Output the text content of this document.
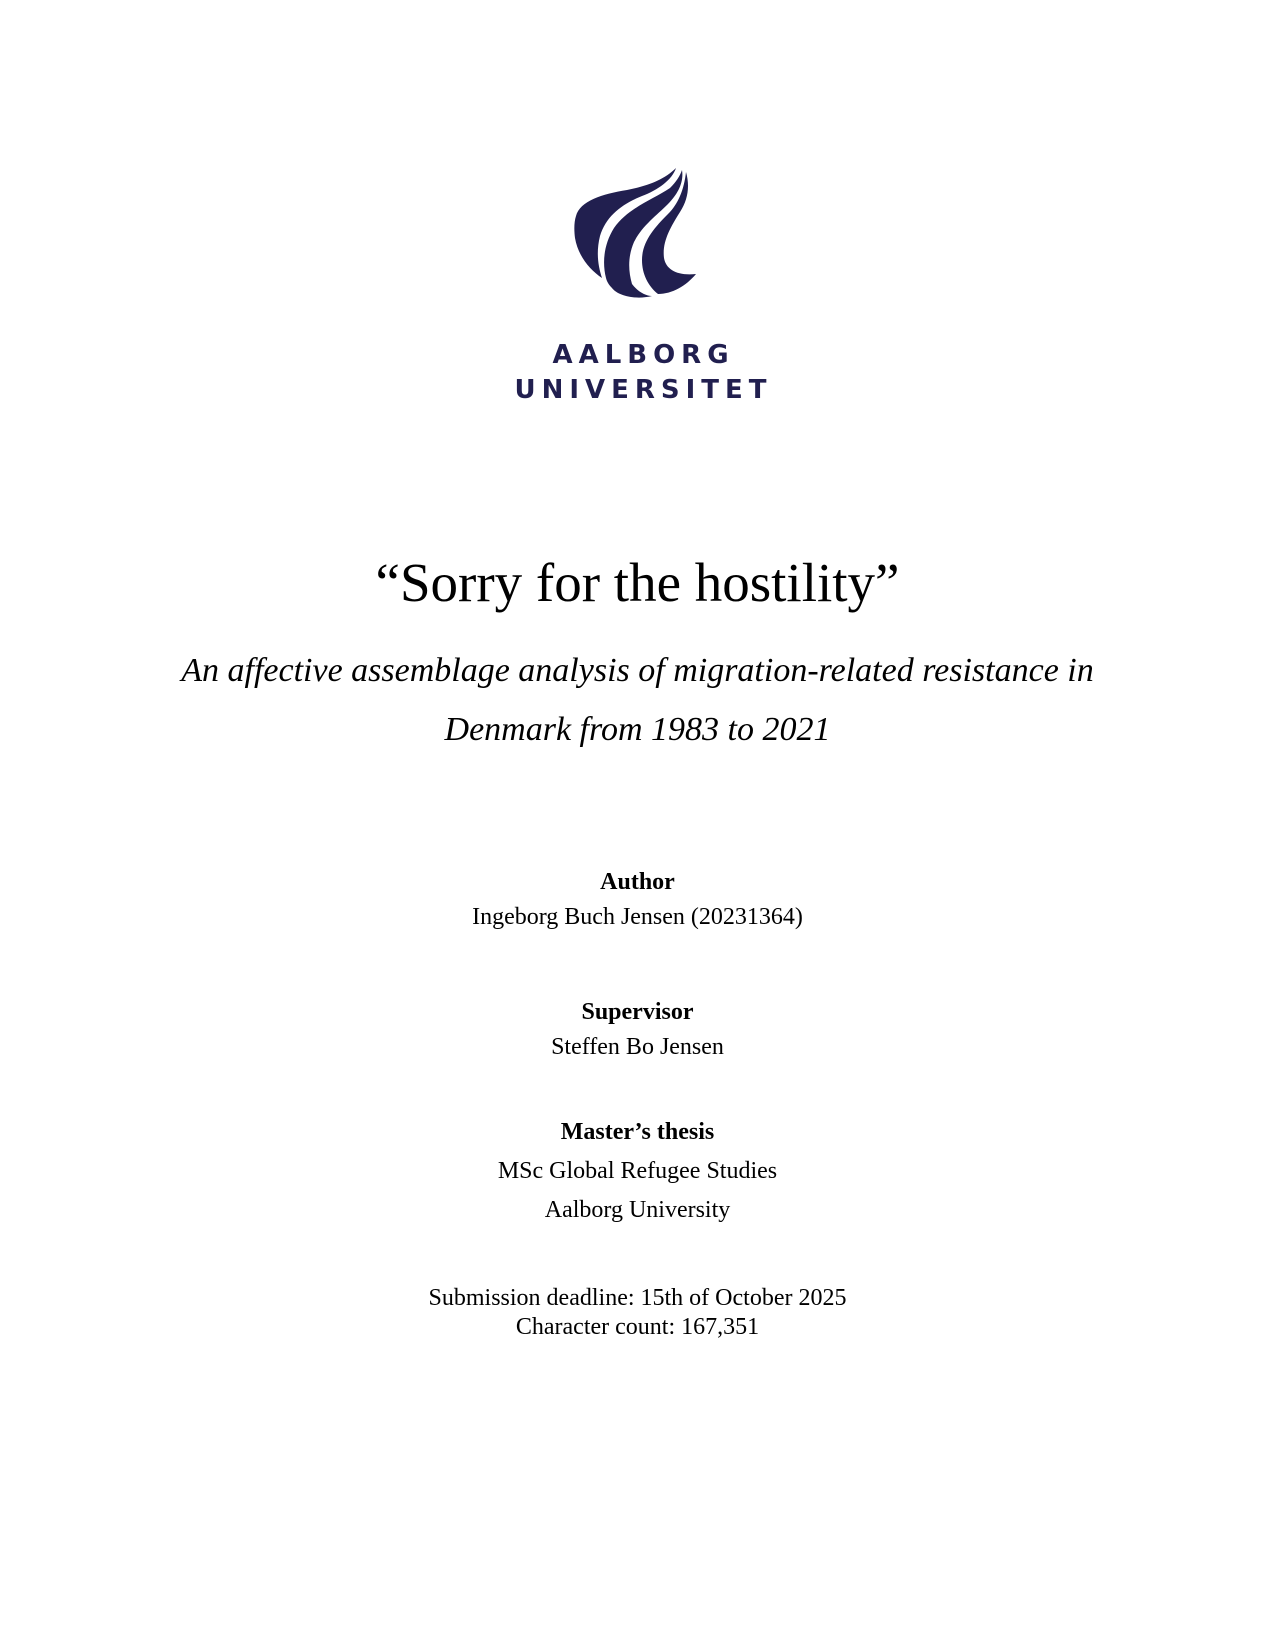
AALBORG
UNIVERSITET
“Sorry for the hostility”
An affective assemblage analysis of migration-related resistance in
Denmark from 1983 to 2021
Author
Ingeborg Buch Jensen (20231364)
Supervisor
Steffen Bo Jensen
Master’s thesis
MSc Global Refugee Studies
Aalborg University
Submission deadline: 15th of October 2025
Character count: 167,351
